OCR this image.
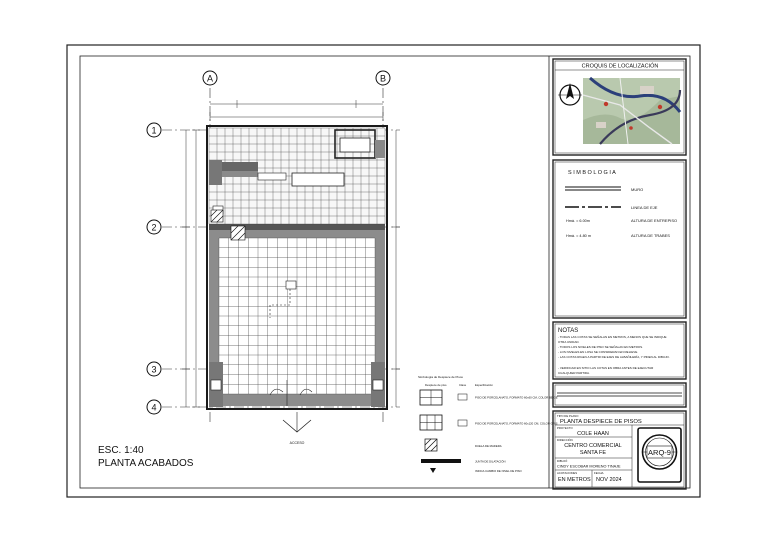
A	B
1
2
3
4
ACCESO
ESC. 1:40
PLANTA ACABADOS
Simbología de Despiece de Pisos
Despiece de piso	Clave	Especificación
PISO DE PORCELANATO, FORMATO 60x60 CM, COLOR BEIGE
PISO DE PORCELANATO, FORMATO 60x120 CM, COLOR GRIS
DUELA DE MADERA
JUNTA DE DILATACIÓN
INDICA CAMBIO DE NIVEL DE PISO
CROQUIS DE LOCALIZACIÓN
S I M B O L O G I A
MURO
LINEA DE EJE
Hmá. = 6.00m	ALTURA DE ENTREPISO
Hmá. = 4.80 m	ALTURA DE TRABES
NOTAS
- TODAS LAS COTAS SE SEÑALAN EN METROS, A MENOS QUE SE INDIQUE
OTRA UNIDAD.
- TODOS LOS NIVELES DE PISO SE SEÑALAN EN METROS.
- LOS NIVELES EN LOSA SE CONSIDERAN EN RELIEVE.
- LAS COTAS RIGEN A PARTIR DE EJES DE ALBAÑILERÍA, Y PIDEN AL DIBUJO.
- VERIFICAR EN SITIO LAS COTAS EN OBRA ANTES DE EJECUTAR
CUALQUIER PARTIDA.
TIPO DE PLANO
PLANTA DESPIECE DE PISOS
PROYECTO
COLE HAAN
DIRECCIÓN
CENTRO COMERCIAL
SANTA FE
DIBUJÓ
CINDY ESCOBAR MORENO TINAJE
ACOTACIONES
EN METROS
FECHA
NOV 2024
ARQ-9
